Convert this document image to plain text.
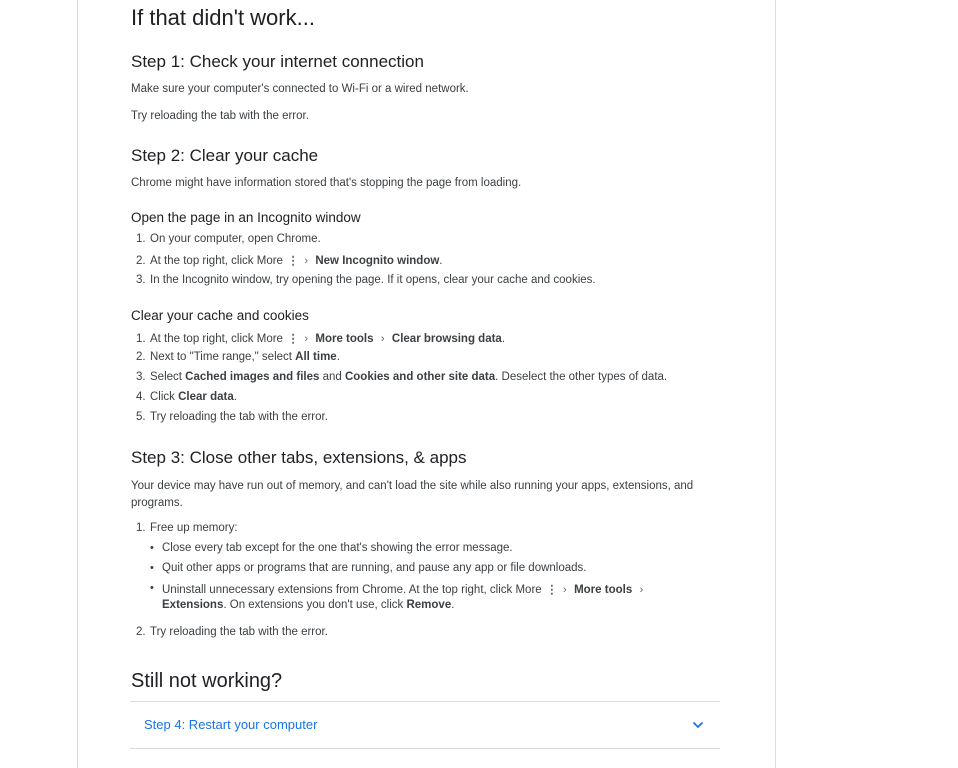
If that didn't work...
Step 1: Check your internet connection
Make sure your computer's connected to Wi-Fi or a wired network.
Try reloading the tab with the error.
Step 2: Clear your cache
Chrome might have information stored that's stopping the page from loading.
Open the page in an Incognito window
1. On your computer, open Chrome.
2. At the top right, click More ⋮ › New Incognito window.
3. In the Incognito window, try opening the page. If it opens, clear your cache and cookies.
Clear your cache and cookies
1. At the top right, click More ⋮ › More tools › Clear browsing data.
2. Next to "Time range," select All time.
3. Select Cached images and files and Cookies and other site data. Deselect the other types of data.
4. Click Clear data.
5. Try reloading the tab with the error.
Step 3: Close other tabs, extensions, & apps
Your device may have run out of memory, and can't load the site while also running your apps, extensions, and
programs.
1. Free up memory:
• Close every tab except for the one that's showing the error message.
• Quit other apps or programs that are running, and pause any app or file downloads.
• Uninstall unnecessary extensions from Chrome. At the top right, click More ⋮ › More tools ›
Extensions. On extensions you don't use, click Remove.
2. Try reloading the tab with the error.
Still not working?
Step 4: Restart your computer
